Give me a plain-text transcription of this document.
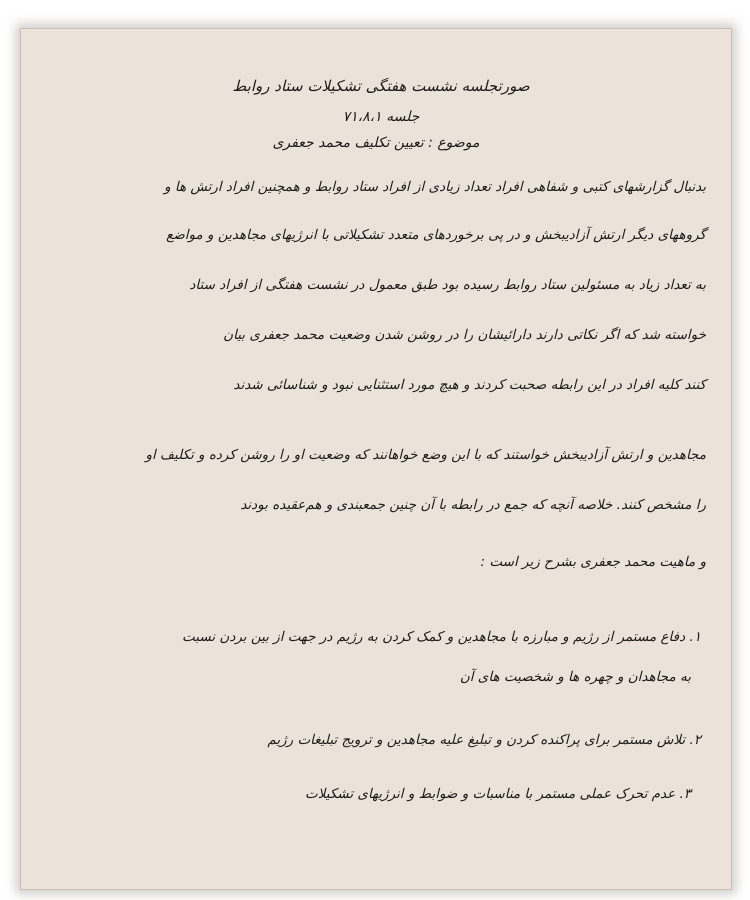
صورتجلسه نشست هفتگی تشکیلات ستاد روابط
جلسه ۷۱،۸،۱
موضوع : تعیین تکلیف محمد جعفری
بدنبال گزارشهای کتبی و شفاهی افراد تعداد زیادی از افراد ستاد روابط و همچنین افراد ارتش ها و
گروههای دیگر ارتش آزادیبخش و در پی برخوردهای متعدد تشکیلاتی با انرژیهای مجاهدین و مواضع
به تعداد زیاد به مسئولین ستاد روابط رسیده بود طبق معمول در نشست هفتگی از افراد ستاد
خواسته شد که اگر نکاتی دارند دارائیشان را در روشن شدن وضعیت محمد جعفری بیان
کنند کلیه افراد در این رابطه صحبت کردند و هیچ مورد استثنایی نبود و شناسائی شدند
مجاهدین و ارتش آزادیبخش خواستند که با این وضع خواهانند که وضعیت او را روشن کرده و تکلیف او
را مشخص کنند. خلاصه آنچه که جمع در رابطه با آن چنین جمعبندی و هم‌عقیده بودند
و ماهیت محمد جعفری بشرح زیر است :
۱. دفاع مستمر از رژیم و مبارزه با مجاهدین و کمک کردن به رژیم در جهت از بین بردن نسبت
به مجاهدان و چهره ها و شخصیت های آن
۲. تلاش مستمر برای پراکنده کردن و تبلیغ علیه مجاهدین و ترویج تبلیغات رژیم
۳. عدم تحرک عملی مستمر با مناسبات و ضوابط و انرژیهای تشکیلات
